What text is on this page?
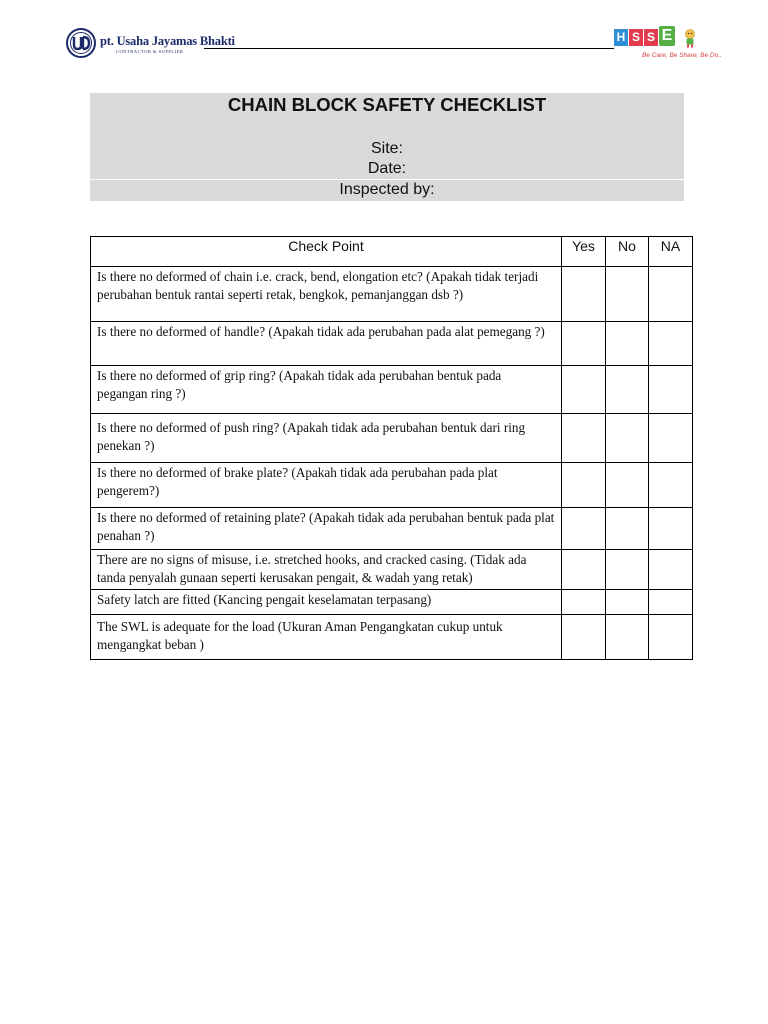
pt. Usaha Jayamas Bhakti
CONTRACTOR & SUPPLIER
H S S E
Be Care, Be Share, Be Do..
CHAIN BLOCK SAFETY CHECKLIST
Site:
Date:
Inspected by:
Check Point	Yes	No	NA
Is there no deformed of chain i.e. crack, bend, elongation etc? (Apakah tidak terjadi perubahan bentuk rantai seperti retak, bengkok, pemanjanggan dsb ?)			
Is there no deformed of handle? (Apakah tidak ada perubahan pada alat pemegang ?)			
Is there no deformed of grip ring? (Apakah tidak ada perubahan bentuk pada pegangan ring ?)			
Is there no deformed of push ring? (Apakah tidak ada perubahan bentuk dari ring penekan ?)			
Is there no deformed of brake plate? (Apakah tidak ada perubahan pada plat pengerem?)			
Is there no deformed of retaining plate? (Apakah tidak ada perubahan bentuk pada plat penahan ?)			
There are no signs of misuse, i.e. stretched hooks, and cracked casing. (Tidak ada tanda penyalah gunaan seperti kerusakan pengait, & wadah yang retak)			
Safety latch are fitted (Kancing pengait keselamatan terpasang)			
The SWL is adequate for the load (Ukuran Aman Pengangkatan cukup untuk mengangkat beban )			
